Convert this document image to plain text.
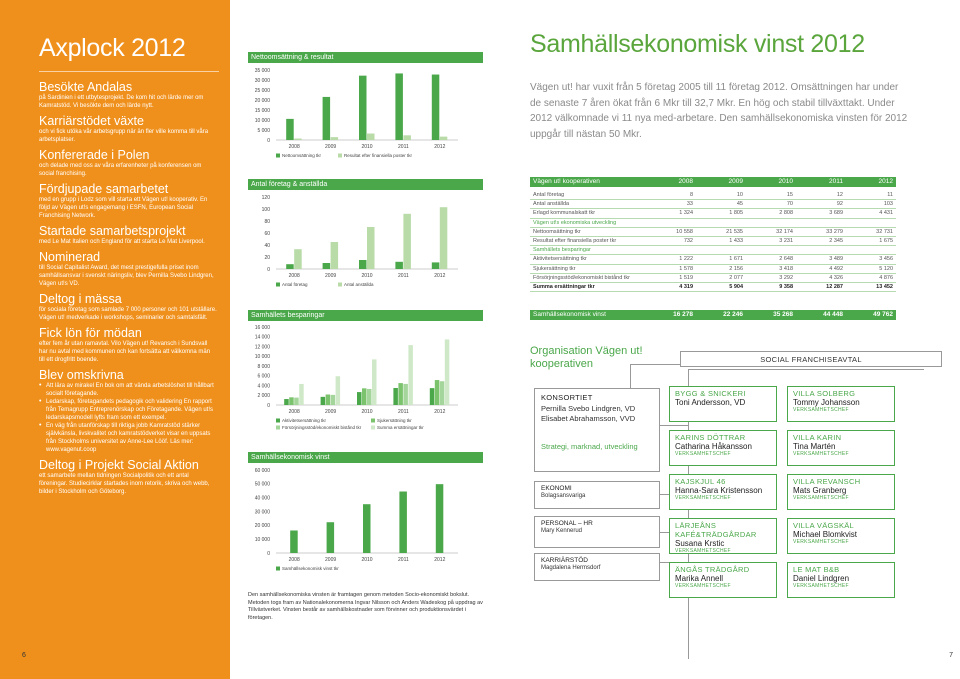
Axplock 2012
Besökte Andalas

på Sardinien i ett utbytesprojekt. De kom hit och lärde mer om Kamratstöd. Vi besökte dem och lärde nytt.

Karriärstödet växte

och vi fick utöka vår arbetsgrupp när än fler ville komma till våra arbetsplatser.

Konfererade i Polen

och delade med oss av våra erfarenheter på konferensen om social franchising.

Fördjupade samarbetet

med en grupp i Lodz som vill starta ett Vägen ut! kooperativ. En följd av Vägen ut!s engagemang i ESFN, European Social Franchising Network.

Startade samarbetsprojekt

med Le Mat Italien och England för att starta Le Mat Liverpool.

Nominerad

till Social Capitalist Award, det mest prestigefulla priset inom samhällsansvar i svenskt näringsliv, blev Pernilla Svebo Lindgren, Vägen ut!s VD.

Deltog i mässa

för sociala företag som samlade 7 000 personer och 101 utställare. Vägen ut! medverkade i workshops, seminarier och samtalsfält.

Fick lön för mödan

efter fem år utan ramavtal. Vilo Vägen ut! Revansch i Sundsvall har nu avtal med kommunen och kan fortsätta att välkomna män till ett drogfritt boende.

Blev omskrivna
• Att lära av mirakel En bok om att vända arbetslöshet till hållbart socialt företagande.
• Ledarskap, företagandets pedagogik och validering En rapport från Temagrupp Entreprenörskap och Företagande. Vägen ut!s ledarskapsmodell lyfts fram som ett exempel.
• En väg från utanförskap till riktiga jobb Kamratstöd stärker självkänsla, livskvalitet och kamratstödverket visar en uppsats från Stockholms universitet av Anne-Lee Lööf. Läs mer: www.vagenut.coop
Deltog i Projekt Social Aktion

ett samarbete mellan tidningen Socialpolitik och ett antal föreningar. Studiecirklar startades inom retorik, skriva och webb, bilder i Stockholm och Göteborg.

6
Nettoomsättning & resultat
35 000
30 000
25 000
20 000
15 000
10 000
5 000
0
2008	2009	2010	2011	2012
Nettoomsättning tkr	Resultat efter finansiella poster tkr
Antal företag & anställda
120
100
80
60
40
20
0
2008	2009	2010	2011	2012
Antal företag	Antal anställda
Samhällets besparingar
16 000
14 000
12 000
10 000
8 000
6 000
4 000
2 000
0
2008	2009	2010	2011	2012
Aktivitetsersättning tkr	Sjukersättning tkr
Försörjningsstöd/ekonomiskt bistånd tkr	Summa ersättningar tkr
Samhällsekonomisk vinst
60 000
50 000
40 000
30 000
20 000
10 000
0
2008	2009	2010	2011	2012
Samhällsekonomisk vinst tkr
Den samhällsekonomiska vinsten är framtagen genom metoden Socio-ekonomiskt bokslut. Metoden togs fram av Nationalekonomerna Ingvar Nilsson och Anders Wadeskog på uppdrag av Tillväxtverket. Vinsten består av samhällskostnader som förvinner och produktionsvärdet i företagen.
Samhällsekonomisk vinst 2012
Vägen ut! har vuxit från 5 företag 2005 till 11 företag 2012. Omsättningen har under de senaste 7 åren ökat från 6 Mkr till 32,7 Mkr. En hög och stabil tillväxttakt. Under 2012 välkomnade vi 11 nya med-arbetare. Den samhällsekonomiska vinsten för 2012 uppgår till nästan 50 Mkr.
Vägen ut! kooperativen	2008	2009	2010	2011	2012
Antal företag	8	10	15	12	11
Antal anställda	33	45	70	92	103
Erlagd kommunalskatt tkr	1 324	1 805	2 808	3 689	4 431
Vägen ut!s ekonomiska utveckling
Nettoomsättning tkr	10 558	21 535	32 174	33 279	32 731
Resultat efter finansiella poster tkr	732	1 433	3 231	2 345	1 675
Samhällets besparingar
Aktivitetsersättning tkr	1 222	1 671	2 648	3 489	3 456
Sjukersättning tkr	1 578	2 156	3 418	4 492	5 120
Försörjningsstöd/ekonomiskt bistånd tkr	1 519	2 077	3 292	4 326	4 876
Summa ersättningar tkr	4 319	5 904	9 358	12 287	13 452
Samhällsekonomisk vinst	16 278	22 246	35 268	44 448	49 762
Organisation Vägen ut! kooperativen	SOCIAL FRANCHISEAVTAL
KONSORTIET
Pernilla Svebo Lindgren, VD
Elisabet Abrahamsson, VVD
Strategi, marknad, utveckling
EKONOMI
Bolagsansvariga
PERSONAL – HR
Mary Kennerud
KARRIÄRSTÖD
Magdalena Hermsdorf
BYGG & SNICKERI
Toni Andersson, VD
VILLA SOLBERG
Tommy Johansson
VERKSAMHETSCHEF
KARINS DÖTTRAR
Catharina Håkansson
VERKSAMHETSCHEF
VILLA KARIN
Tina Martén
VERKSAMHETSCHEF
KAJSKJUL 46
Hanna-Sara Kristensson
VERKSAMHETSCHEF
VILLA REVANSCH
Mats Granberg
VERKSAMHETSCHEF
LÄRJEÅNS KAFÉ&TRÄDGÅRDAR
Susana Krstic
VERKSAMHETSCHEF
VILLA VÄGSKÄL
Michael Blomkvist
VERKSAMHETSCHEF
ÄNGÅS TRÄDGÅRD
Marika Annell
VERKSAMHETSCHEF
LE MAT B&B
Daniel Lindgren
VERKSAMHETSCHEF
7
